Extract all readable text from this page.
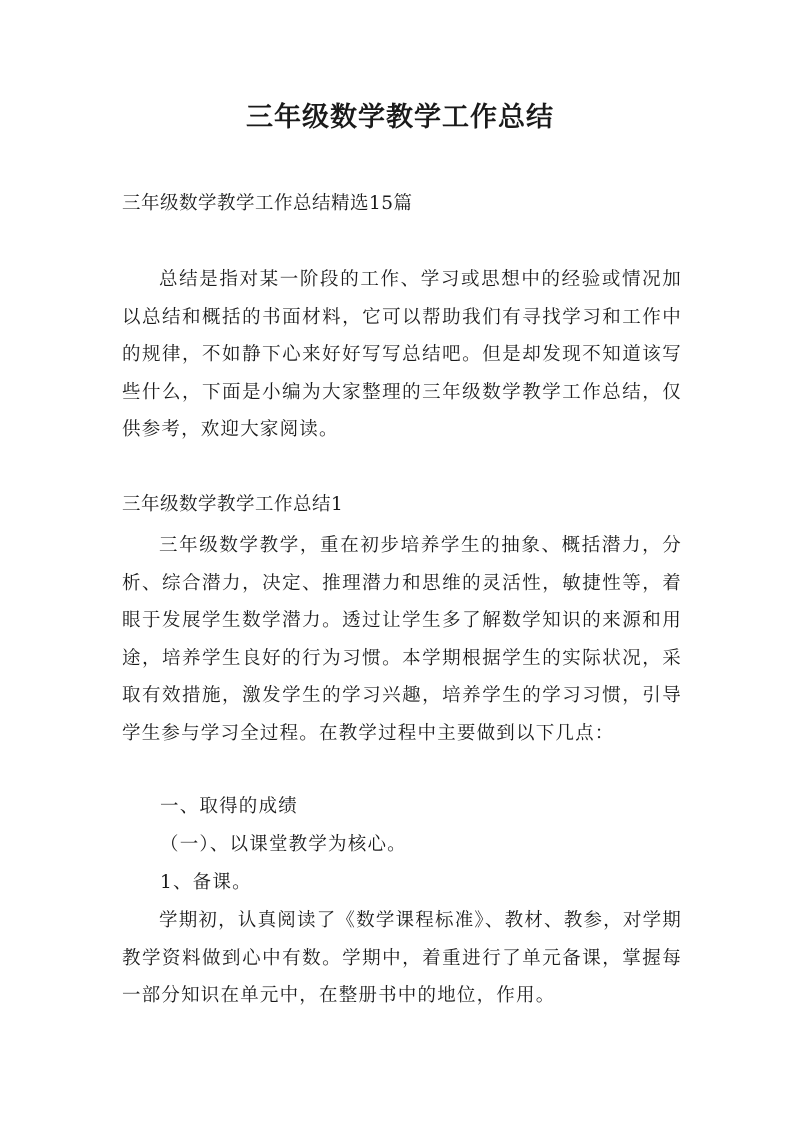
三年级数学教学工作总结
三年级数学教学工作总结精选15篇

总结是指对某一阶段的工作、学习或思想中的经验或情况加以总结和概括的书面材料，它可以帮助我们有寻找学习和工作中的规律，不如静下心来好好写写总结吧。但是却发现不知道该写些什么，下面是小编为大家整理的三年级数学教学工作总结，仅供参考，欢迎大家阅读。

三年级数学教学工作总结1

三年级数学教学，重在初步培养学生的抽象、概括潜力，分析、综合潜力，决定、推理潜力和思维的灵活性，敏捷性等，着眼于发展学生数学潜力。透过让学生多了解数学知识的来源和用途，培养学生良好的行为习惯。本学期根据学生的实际状况，采取有效措施，激发学生的学习兴趣，培养学生的学习习惯，引导学生参与学习全过程。在教学过程中主要做到以下几点：

一、取得的成绩
（一）、以课堂教学为核心。
1、备课。

学期初，认真阅读了《数学课程标准》、教材、教参，对学期教学资料做到心中有数。学期中，着重进行了单元备课，掌握每一部分知识在单元中，在整册书中的地位，作用。
